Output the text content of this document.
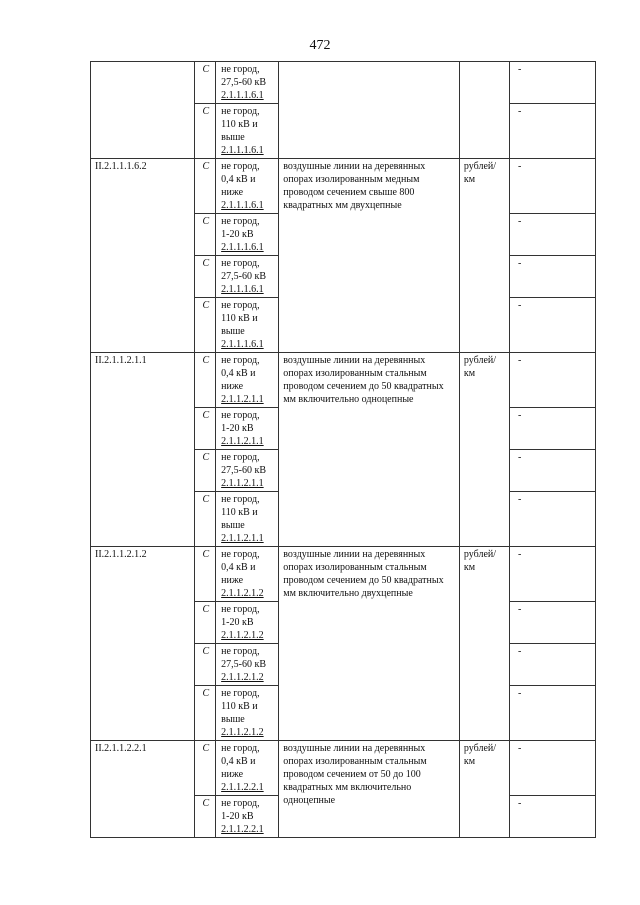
472
	С	не город,
27,5-60 кВ
2.1.1.1.6.1			-
	С	не город,
110 кВ и
выше
2.1.1.1.6.1			-
II.2.1.1.1.6.2	С	не город,
0,4 кВ и
ниже
2.1.1.1.6.1	воздушные линии на деревянных опорах изолированным медным проводом сечением свыше 800 квадратных мм двухцепные	рублей/ км	-
	С	не город,
1-20 кВ
2.1.1.1.6.1			-
	С	не город,
27,5-60 кВ
2.1.1.1.6.1			-
	С	не город,
110 кВ и
выше
2.1.1.1.6.1			-
II.2.1.1.2.1.1	С	не город,
0,4 кВ и
ниже
2.1.1.2.1.1	воздушные линии на деревянных опорах изолированным стальным проводом сечением до 50 квадратных мм включительно одноцепные	рублей/ км	-
	С	не город,
1-20 кВ
2.1.1.2.1.1			-
	С	не город,
27,5-60 кВ
2.1.1.2.1.1			-
	С	не город,
110 кВ и
выше
2.1.1.2.1.1			-
II.2.1.1.2.1.2	С	не город,
0,4 кВ и
ниже
2.1.1.2.1.2	воздушные линии на деревянных опорах изолированным стальным проводом сечением до 50 квадратных мм включительно двухцепные	рублей/ км	-
	С	не город,
1-20 кВ
2.1.1.2.1.2			-
	С	не город,
27,5-60 кВ
2.1.1.2.1.2			-
	С	не город,
110 кВ и
выше
2.1.1.2.1.2			-
II.2.1.1.2.2.1	С	не город,
0,4 кВ и
ниже
2.1.1.2.2.1	воздушные линии на деревянных опорах изолированным стальным проводом сечением от 50 до 100 квадратных мм включительно одноцепные	рублей/ км	-
	С	не город,
1-20 кВ
2.1.1.2.2.1			-
